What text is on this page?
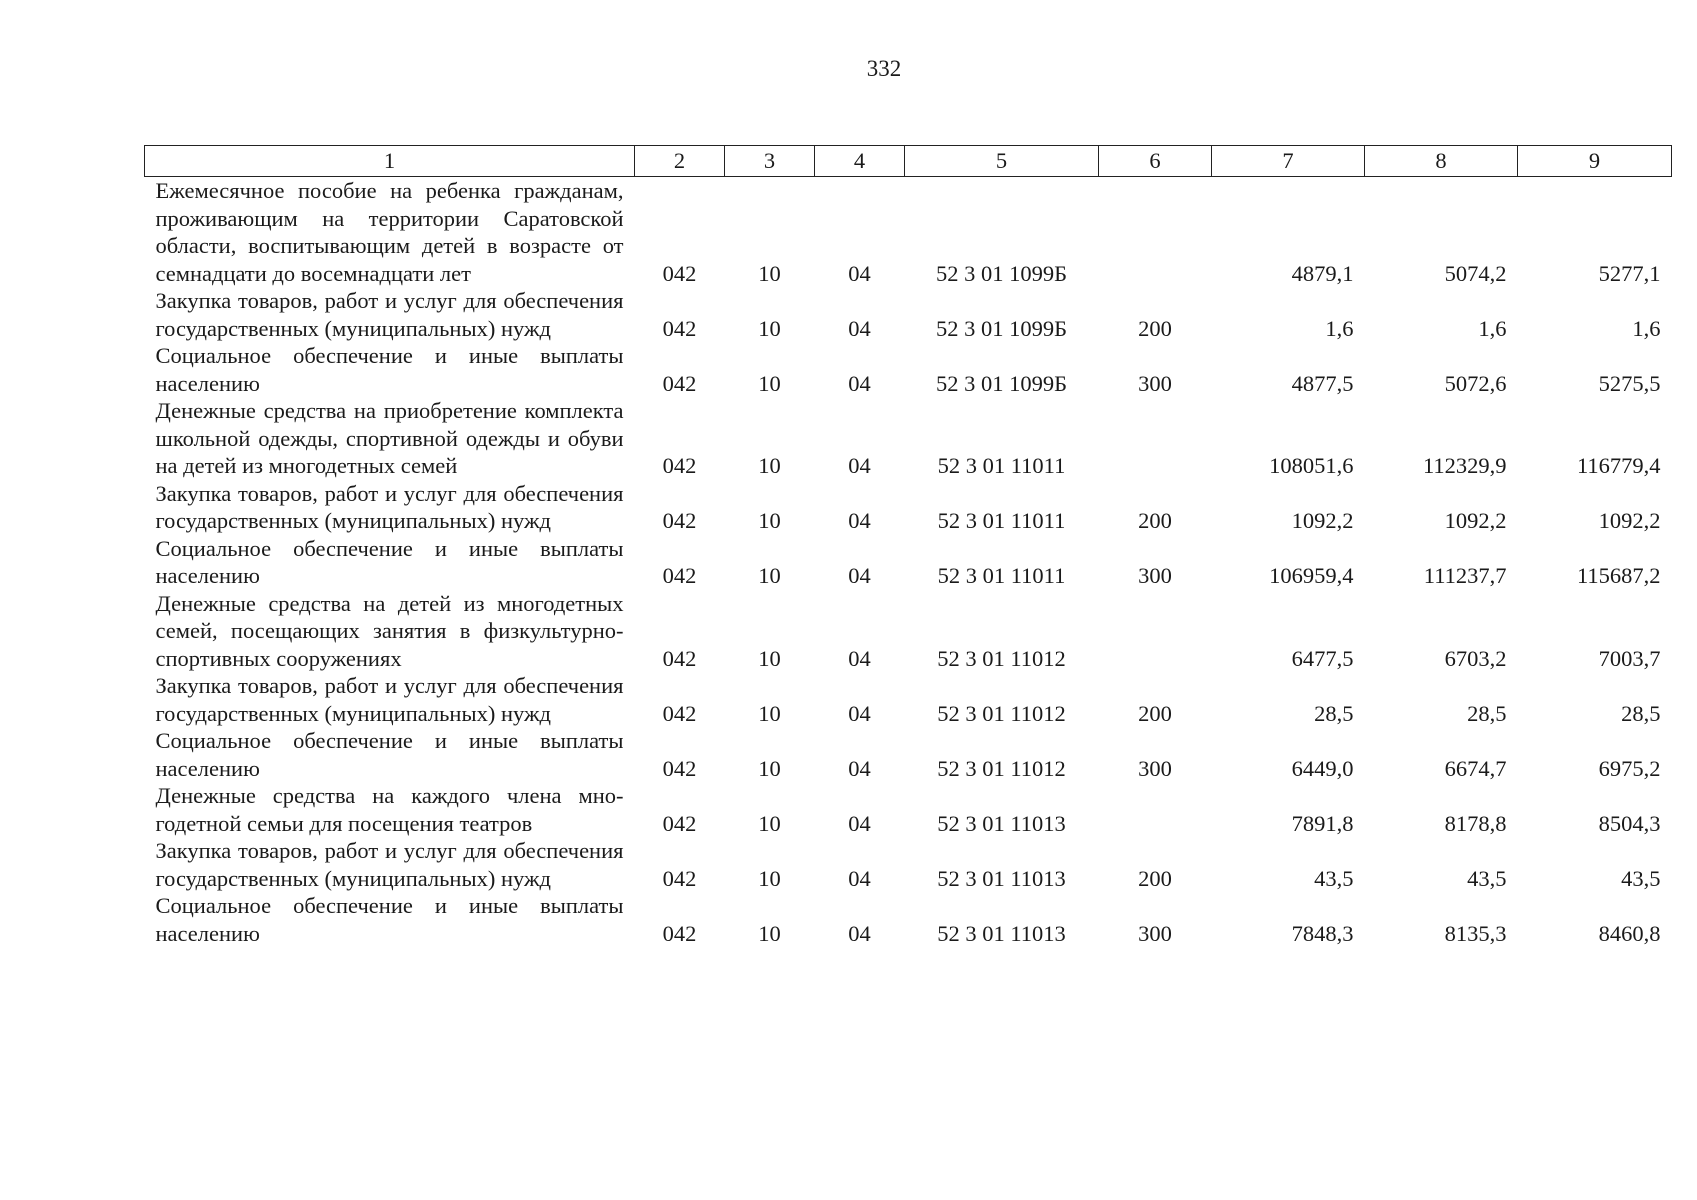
332
1	2	3	4	5	6	7	8	9
Ежемесячное пособие на ребенка гражданам, проживающим на территории Саратовской области, воспитывающим детей в возрасте от семнадцати до восемнадцати лет	042	10	04	52 3 01 1099Б		4879,1	5074,2	5277,1
Закупка товаров, работ и услуг для обеспечения государственных (муниципальных) нужд	042	10	04	52 3 01 1099Б	200	1,6	1,6	1,6
Социальное обеспечение и иные выплаты населению	042	10	04	52 3 01 1099Б	300	4877,5	5072,6	5275,5
Денежные средства на приобретение комплекта школьной одежды, спортивной одежды и обуви на детей из многодетных семей	042	10	04	52 3 01 11011		108051,6	112329,9	116779,4
Закупка товаров, работ и услуг для обеспечения государственных (муниципальных) нужд	042	10	04	52 3 01 11011	200	1092,2	1092,2	1092,2
Социальное обеспечение и иные выплаты населению	042	10	04	52 3 01 11011	300	106959,4	111237,7	115687,2
Денежные средства на детей из многодетных семей, посещающих занятия в физкультурно-спортивных сооружениях	042	10	04	52 3 01 11012		6477,5	6703,2	7003,7
Закупка товаров, работ и услуг для обеспечения государственных (муниципальных) нужд	042	10	04	52 3 01 11012	200	28,5	28,5	28,5
Социальное обеспечение и иные выплаты населению	042	10	04	52 3 01 11012	300	6449,0	6674,7	6975,2
Денежные средства на каждого члена многодетной семьи для посещения театров	042	10	04	52 3 01 11013		7891,8	8178,8	8504,3
Закупка товаров, работ и услуг для обеспечения государственных (муниципальных) нужд	042	10	04	52 3 01 11013	200	43,5	43,5	43,5
Социальное обеспечение и иные выплаты населению	042	10	04	52 3 01 11013	300	7848,3	8135,3	8460,8
